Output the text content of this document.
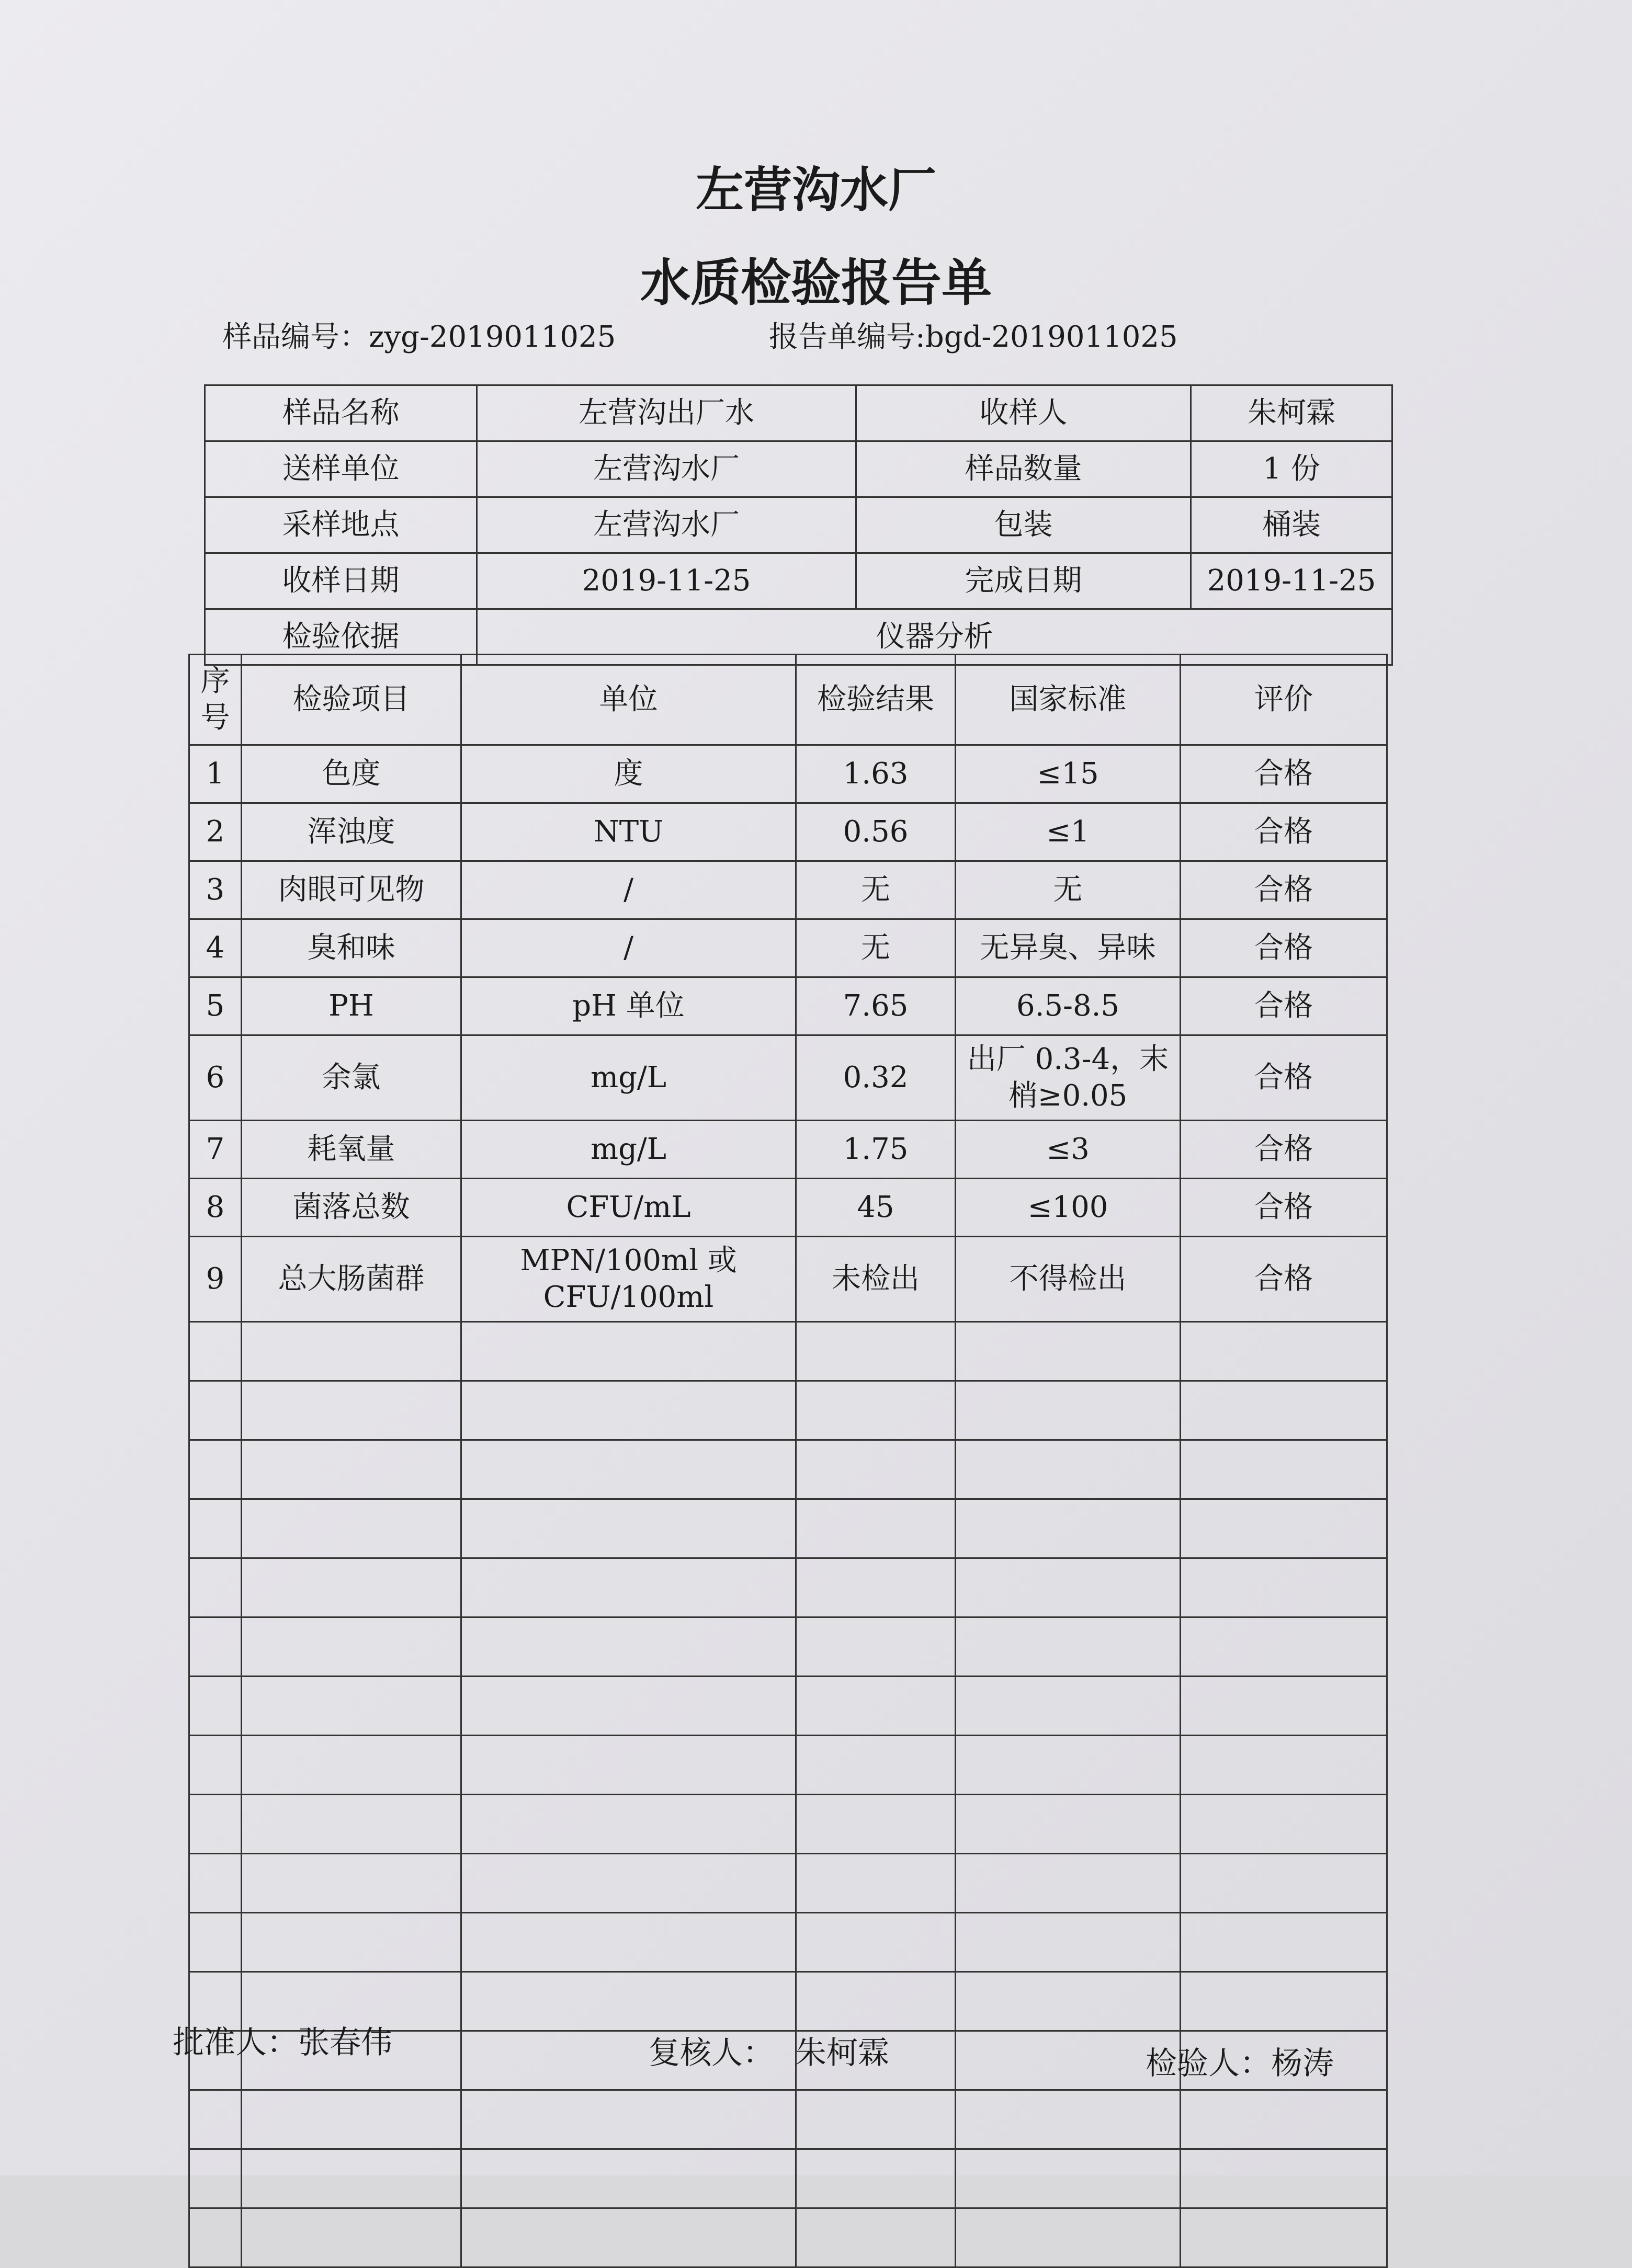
左营沟水厂
水质检验报告单
样品编号：zyg-2019011025	报告单编号:bgd-2019011025
样品名称	左营沟出厂水	收样人	朱柯霖
送样单位	左营沟水厂	样品数量	1 份
采样地点	左营沟水厂	包装	桶装
收样日期	2019-11-25	完成日期	2019-11-25
检验依据	仪器分析		
序号	检验项目	单位	检验结果	国家标准	评价
1	色度	度	1.63	≤15	合格
2	浑浊度	NTU	0.56	≤1	合格
3	肉眼可见物	/	无	无	合格
4	臭和味	/	无	无异臭、异味	合格
5	PH	pH 单位	7.65	6.5-8.5	合格
6	余氯	mg/L	0.32	出厂 0.3-4，末梢≥0.05	合格
7	耗氧量	mg/L	1.75	≤3	合格
8	菌落总数	CFU/mL	45	≤100	合格
9	总大肠菌群	MPN/100ml 或 CFU/100ml	未检出	不得检出	合格

批准人：张春伟	复核人： 朱柯霖	检验人：杨涛
